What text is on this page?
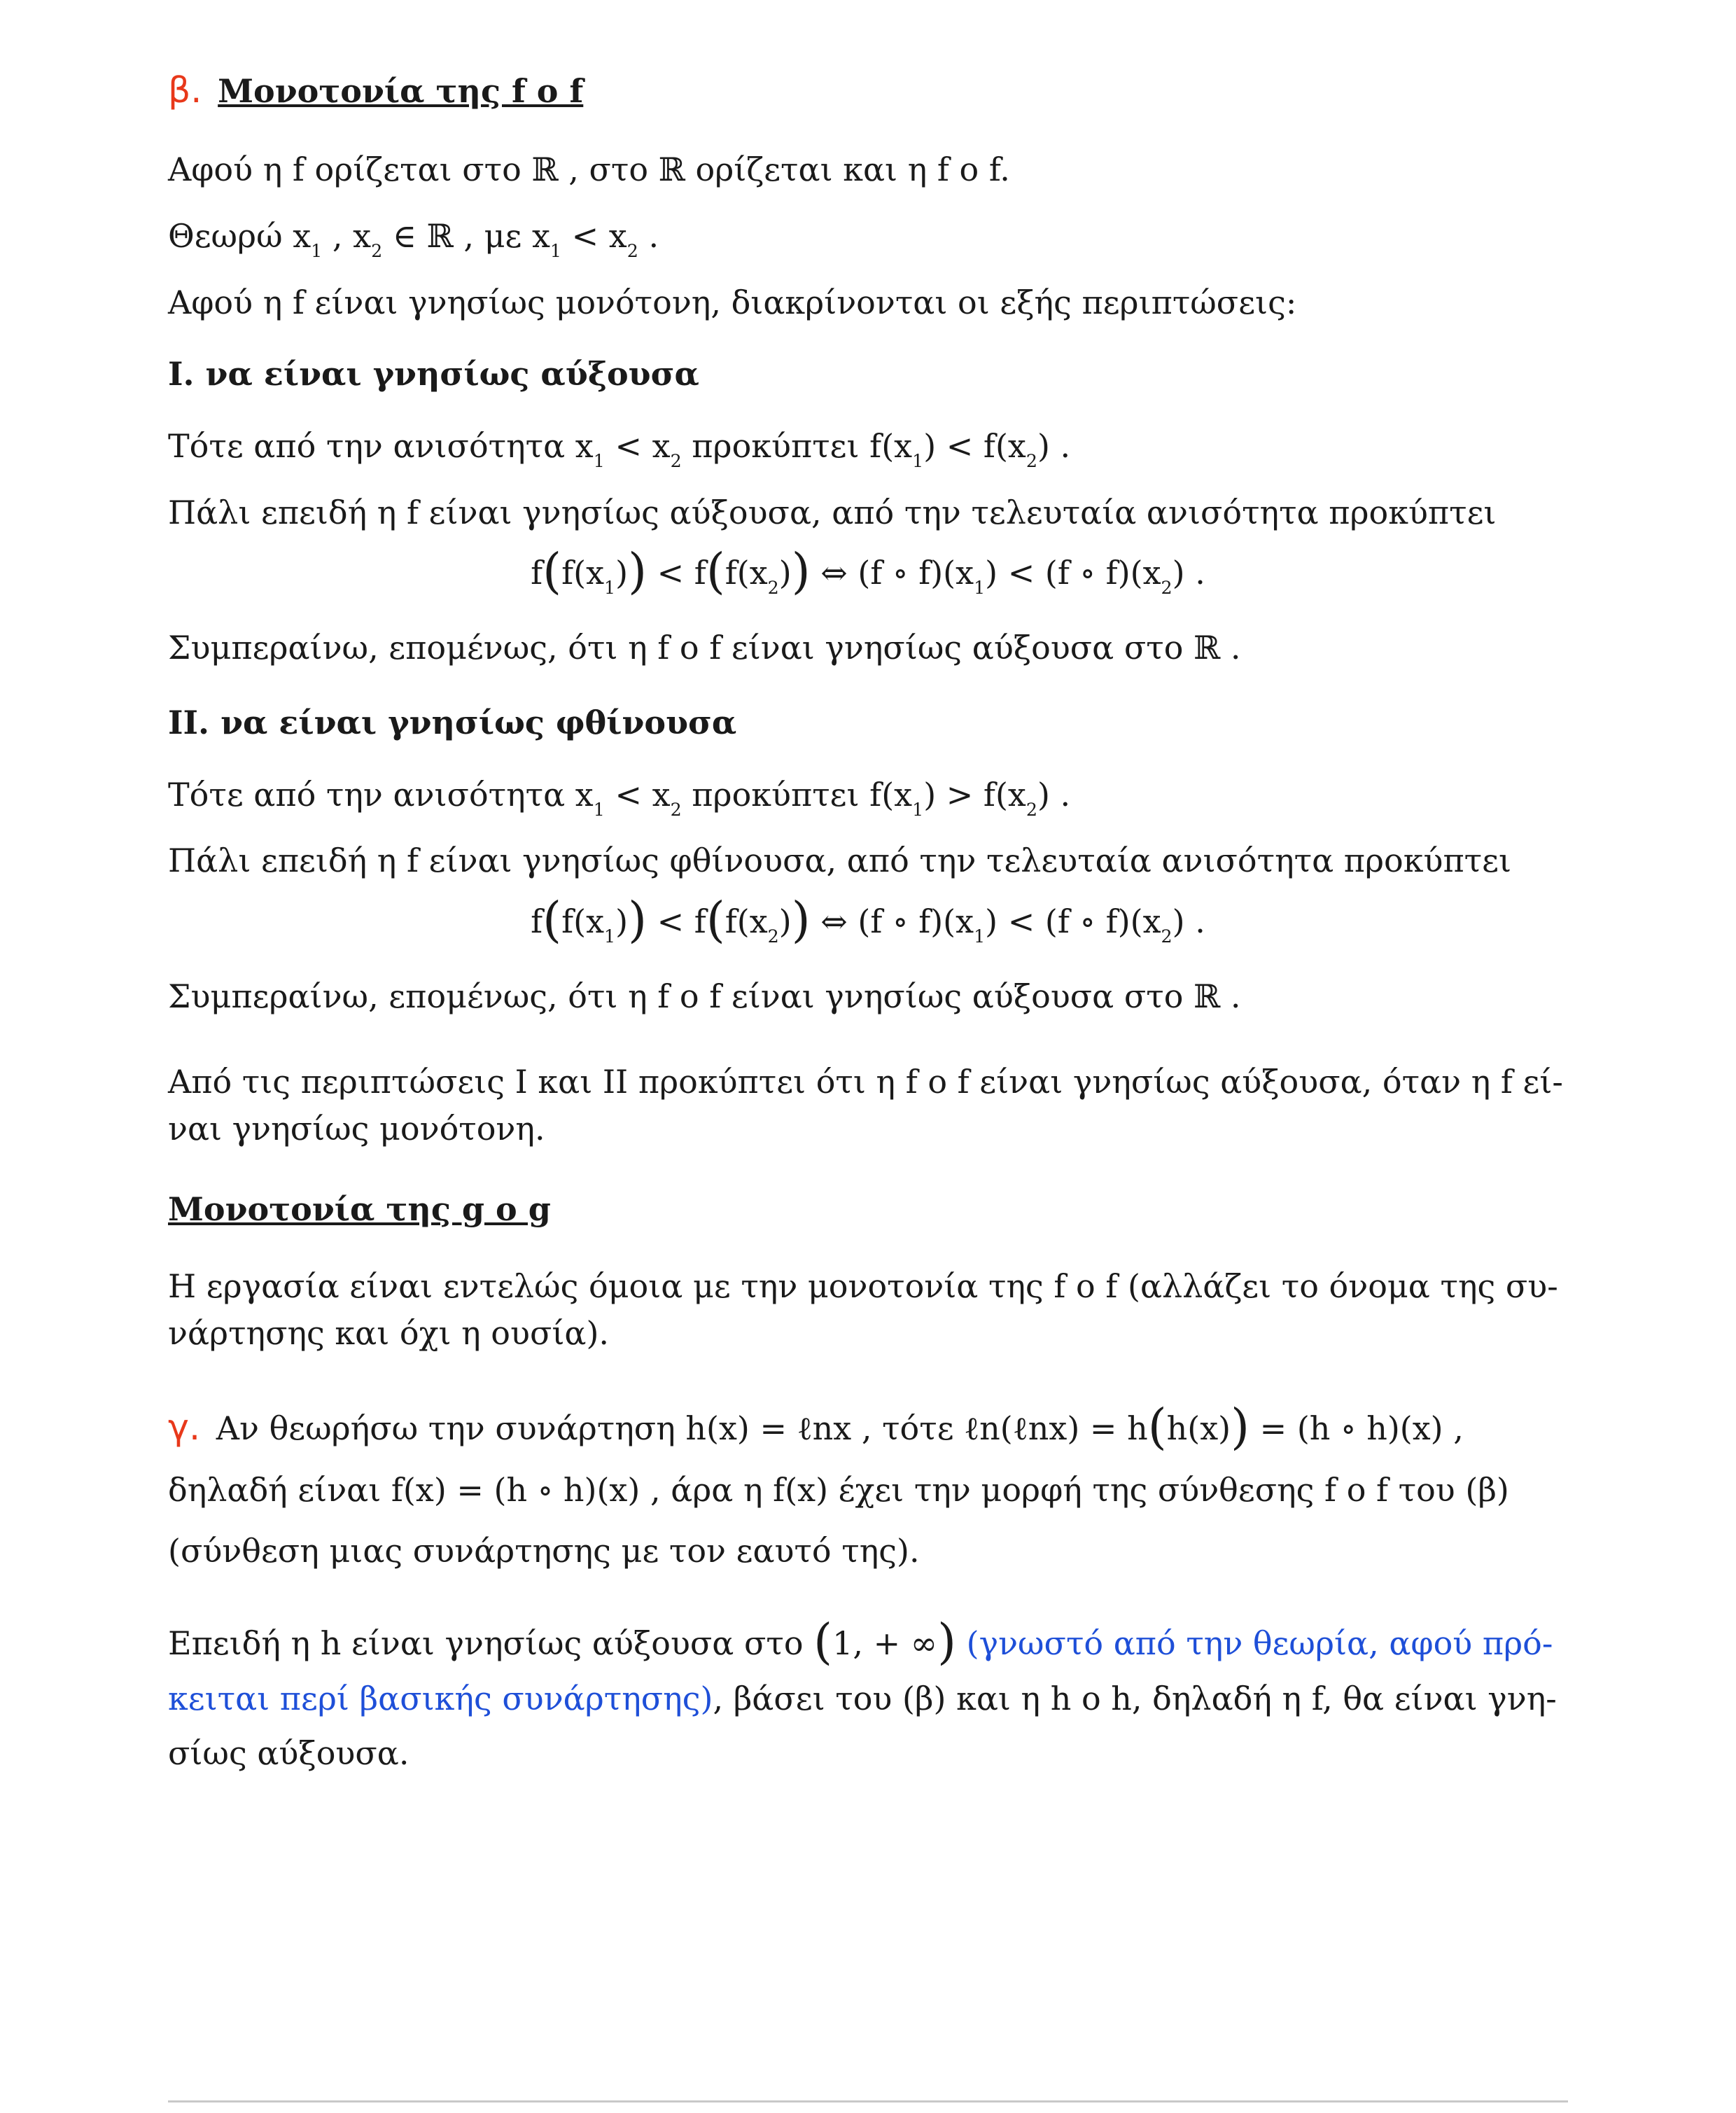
β. Μονοτονία της f o f

Αφού η f ορίζεται στο ℝ , στο ℝ ορίζεται και η f o f.

Θεωρώ $x_1$ , $x_2$ ∈ ℝ , με $x_1 < x_2$ .

Αφού η f είναι γνησίως μονότονη, διακρίνονται οι εξής περιπτώσεις:

I. να είναι γνησίως αύξουσα

Τότε από την ανισότητα $x_1 < x_2$ προκύπτει $f(x_1) < f(x_2)$ .

Πάλι επειδή η f είναι γνησίως αύξουσα, από την τελευταία ανισότητα προκύπτει

$f(f(x_1)) < f(f(x_2))$ ⇔ (f ∘ $f)(x_1) < (f$ ∘ $f)(x_2)$ .

Συμπεραίνω, επομένως, ότι η f o f είναι γνησίως αύξουσα στο ℝ .

II. να είναι γνησίως φθίνουσα

Τότε από την ανισότητα $x_1 < x_2$ προκύπτει $f(x_1) > f(x_2)$ .

Πάλι επειδή η f είναι γνησίως φθίνουσα, από την τελευταία ανισότητα προκύπτει

$f(f(x_1)) < f(f(x_2))$ ⇔ (f ∘ $f)(x_1) < (f$ ∘ $f)(x_2)$ .

Συμπεραίνω, επομένως, ότι η f o f είναι γνησίως αύξουσα στο ℝ .

Από τις περιπτώσεις I και II προκύπτει ότι η f o f είναι γνησίως αύξουσα, όταν η f εί-
ναι γνησίως μονότονη.

Μονοτονία της g o g

Η εργασία είναι εντελώς όμοια με την μονοτονία της f o f (αλλάζει το όνομα της συ-
νάρτησης και όχι η ουσία).

γ. Αν θεωρήσω την συνάρτηση h(x) = ℓnx , τότε ℓn(ℓnx) = h(h(x)) = (h ∘ h)(x) ,

δηλαδή είναι f(x) = (h ∘ h)(x) , άρα η f(x) έχει την μορφή της σύνθεσης f o f του (β)

(σύνθεση μιας συνάρτησης με τον εαυτό της).

Επειδή η h είναι γνησίως αύξουσα στο (1, + ∞) (γνωστό από την θεωρία, αφού πρό-
κειται περί βασικής συνάρτησης), βάσει του (β) και η h o h, δηλαδή η f, θα είναι γνη-
σίως αύξουσα.
